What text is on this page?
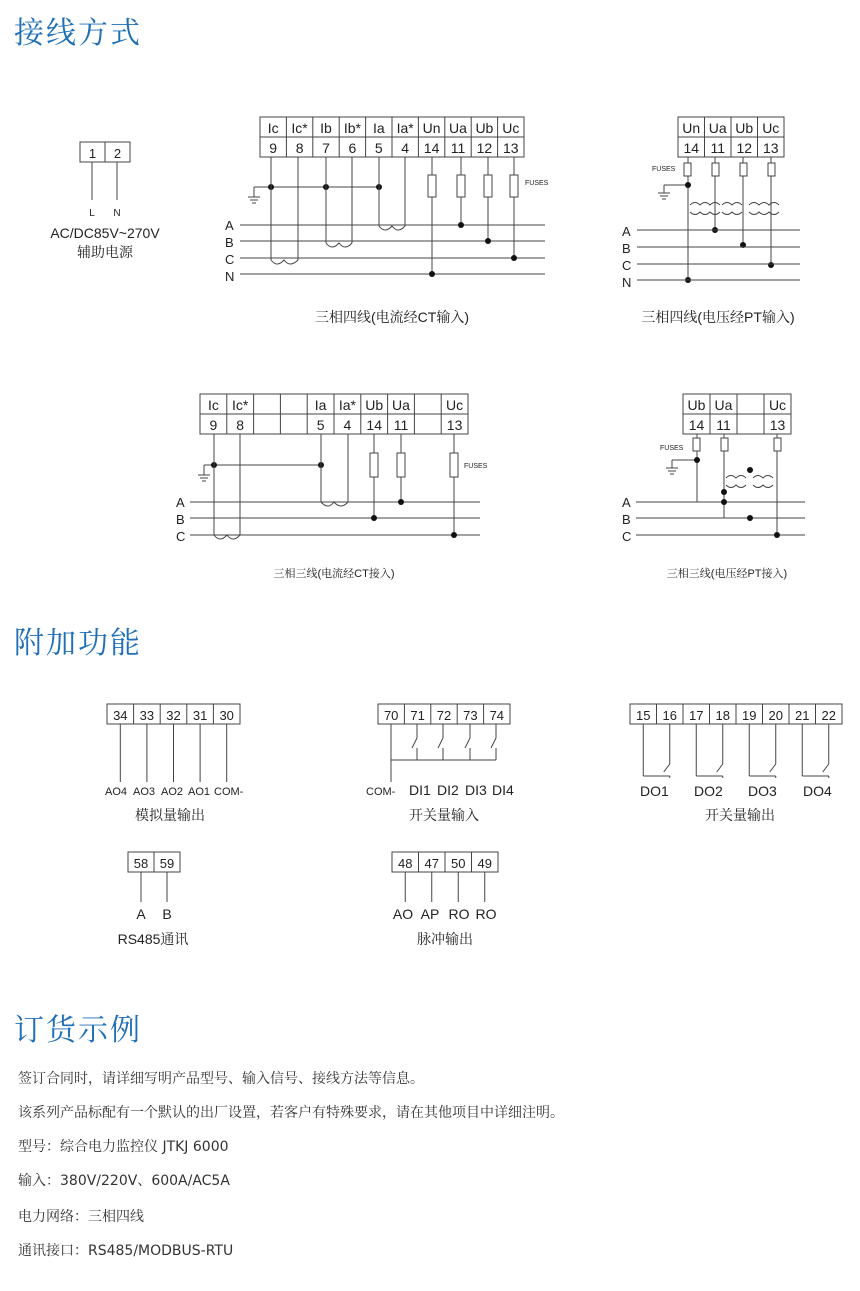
接线方式
附加功能
订货示例
1 2
L N
AC/DC85V~270V
辅助电源
Ic
9
Ic*
8
Ib
7
Ib*
6
Ia
5
Ia*
4
Un
14
Ua
11
Ub
12
Uc
13
FUSES
A
B
C
N
三相四线(电流经CT输入)
Un
14
Ua
11
Ub
12
Uc
13
FUSES
A
B
C
N
三相四线(电压经PT输入)
Ic
9
Ic*
8
Ia
5
Ia*
4
Ub
14
Ua
11
Uc
13
FUSES
A
B
C
三相三线(电流经CT接入)
Ub
14
Ua
11
Uc
13
FUSES
A
B
C
三相三线(电压经PT接入)
34 33 32 31 30
AO4 AO3 AO2 AO1 COM-
模拟量输出
70 71 72 73 74
COM- DI1 DI2 DI3 DI4
开关量输入
15 16 17 18 19 20 21 22
DO1 DO2 DO3 DO4
开关量输出
58 59
A B
RS485通讯
48 47 50 49
AO AP RO RO
脉冲输出

签订合同时，请详细写明产品型号、输入信号、接线方法等信息。

该系列产品标配有一个默认的出厂设置，若客户有特殊要求，请在其他项目中详细注明。

型号：综合电力监控仪 JTKJ 6000

输入：380V/220V、600A/AC5A

电力网络：三相四线

通讯接口：RS485/MODBUS-RTU
